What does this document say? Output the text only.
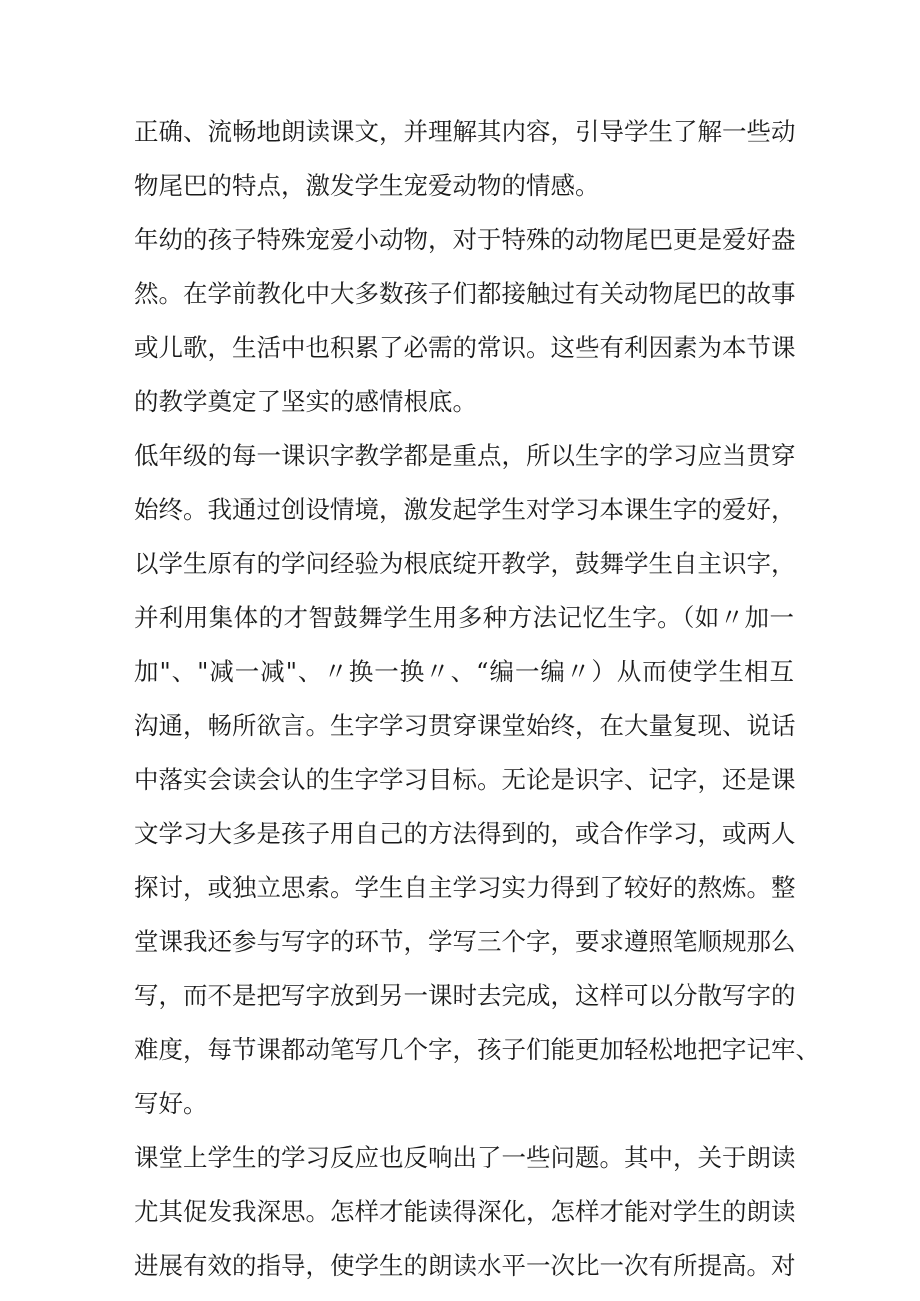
正确、流畅地朗读课文，并理解其内容，引导学生了解一些动
物尾巴的特点，激发学生宠爱动物的情感。
年幼的孩子特殊宠爱小动物，对于特殊的动物尾巴更是爱好盎
然。在学前教化中大多数孩子们都接触过有关动物尾巴的故事
或儿歌，生活中也积累了必需的常识。这些有利因素为本节课
的教学奠定了坚实的感情根底。
低年级的每一课识字教学都是重点，所以生字的学习应当贯穿
始终。我通过创设情境，激发起学生对学习本课生字的爱好，
以学生原有的学问经验为根底绽开教学，鼓舞学生自主识字，
并利用集体的才智鼓舞学生用多种方法记忆生字。（如〃加一
加"、"减一减"、〃换一换〃、“编一编〃）从而使学生相互
沟通，畅所欲言。生字学习贯穿课堂始终，在大量复现、说话
中落实会读会认的生字学习目标。无论是识字、记字，还是课
文学习大多是孩子用自己的方法得到的，或合作学习，或两人
探讨，或独立思索。学生自主学习实力得到了较好的熬炼。整
堂课我还参与写字的环节，学写三个字，要求遵照笔顺规那么
写，而不是把写字放到另一课时去完成，这样可以分散写字的
难度，每节课都动笔写几个字，孩子们能更加轻松地把字记牢、
写好。
课堂上学生的学习反应也反响出了一些问题。其中，关于朗读
尤其促发我深思。怎样才能读得深化，怎样才能对学生的朗读
进展有效的指导，使学生的朗读水平一次比一次有所提高。对
